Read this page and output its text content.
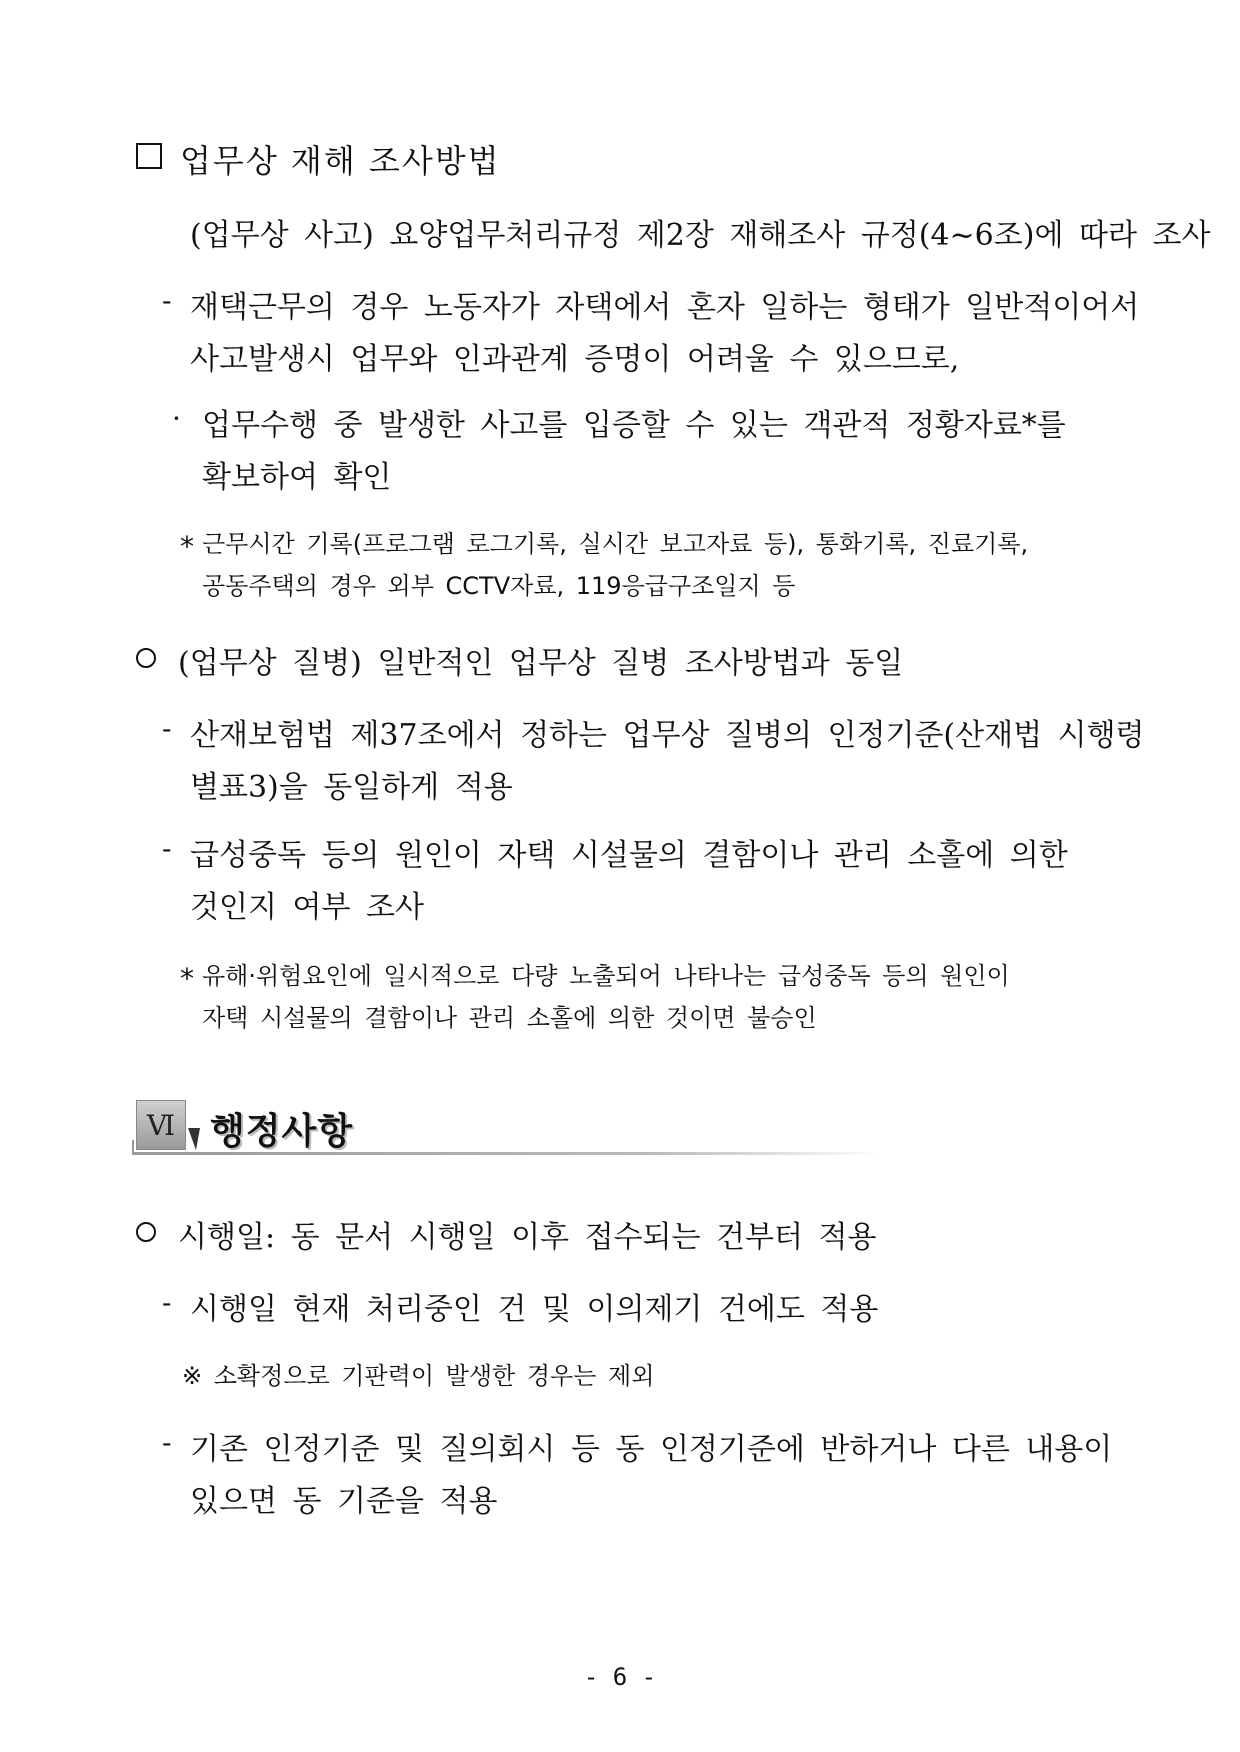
업무상 재해 조사방법
(업무상 사고) 요양업무처리규정 제2장 재해조사 규정(4~6조)에 따라 조사
- 재택근무의 경우 노동자가 자택에서 혼자 일하는 형태가 일반적이어서
사고발생시 업무와 인과관계 증명이 어려울 수 있으므로,
· 업무수행 중 발생한 사고를 입증할 수 있는 객관적 정황자료*를
확보하여 확인
* 근무시간 기록(프로그램 로그기록, 실시간 보고자료 등), 통화기록, 진료기록,
공동주택의 경우 외부 CCTV자료, 119응급구조일지 등
(업무상 질병) 일반적인 업무상 질병 조사방법과 동일
- 산재보험법 제37조에서 정하는 업무상 질병의 인정기준(산재법 시행령
별표3)을 동일하게 적용
- 급성중독 등의 원인이 자택 시설물의 결함이나 관리 소홀에 의한
것인지 여부 조사
* 유해·위험요인에 일시적으로 다량 노출되어 나타나는 급성중독 등의 원인이
자택 시설물의 결함이나 관리 소홀에 의한 것이면 불승인
Ⅵ 행정사항
시행일: 동 문서 시행일 이후 접수되는 건부터 적용
- 시행일 현재 처리중인 건 및 이의제기 건에도 적용
※ 소확정으로 기판력이 발생한 경우는 제외
- 기존 인정기준 및 질의회시 등 동 인정기준에 반하거나 다른 내용이
있으면 동 기준을 적용
- 6 -
